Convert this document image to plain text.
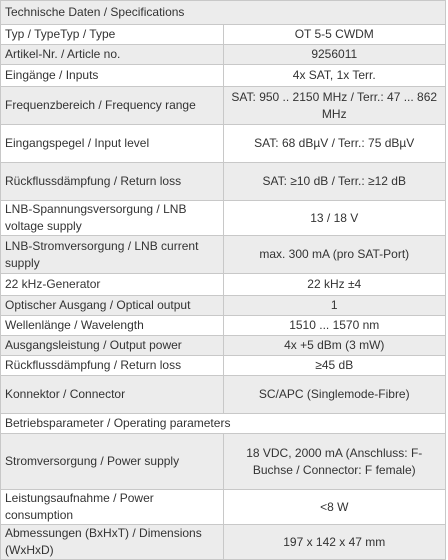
Technische Daten / Specifications	
Typ / TypeTyp / Type	OT 5-5 CWDM
Artikel-Nr. / Article no.	9256011
Eingänge / Inputs	4x SAT, 1x Terr.
Frequenzbereich / Frequency range	SAT: 950 .. 2150 MHz / Terr.: 47 ... 862 MHz
Eingangspegel / Input level	SAT: 68 dBµV / Terr.: 75 dBµV
Rückflussdämpfung / Return loss	SAT: ≥10 dB / Terr.: ≥12 dB
LNB-Spannungsversorgung / LNB voltage supply	13 / 18 V
LNB-Stromversorgung / LNB current supply	max. 300 mA (pro SAT-Port)
22 kHz-Generator	22 kHz ±4
Optischer Ausgang / Optical output	1
Wellenlänge / Wavelength	1510 ... 1570 nm
Ausgangsleistung / Output power	4x +5 dBm (3 mW)
Rückflussdämpfung / Return loss	≥45 dB
Konnektor / Connector	SC/APC (Singlemode-Fibre)
Betriebsparameter / Operating parameters	
Stromversorgung / Power supply	18 VDC, 2000 mA (Anschluss: F-Buchse / Connector: F female)
Leistungsaufnahme / Power consumption	<8 W
Abmessungen (BxHxT) / Dimensions (WxHxD)	197 x 142 x 47 mm
